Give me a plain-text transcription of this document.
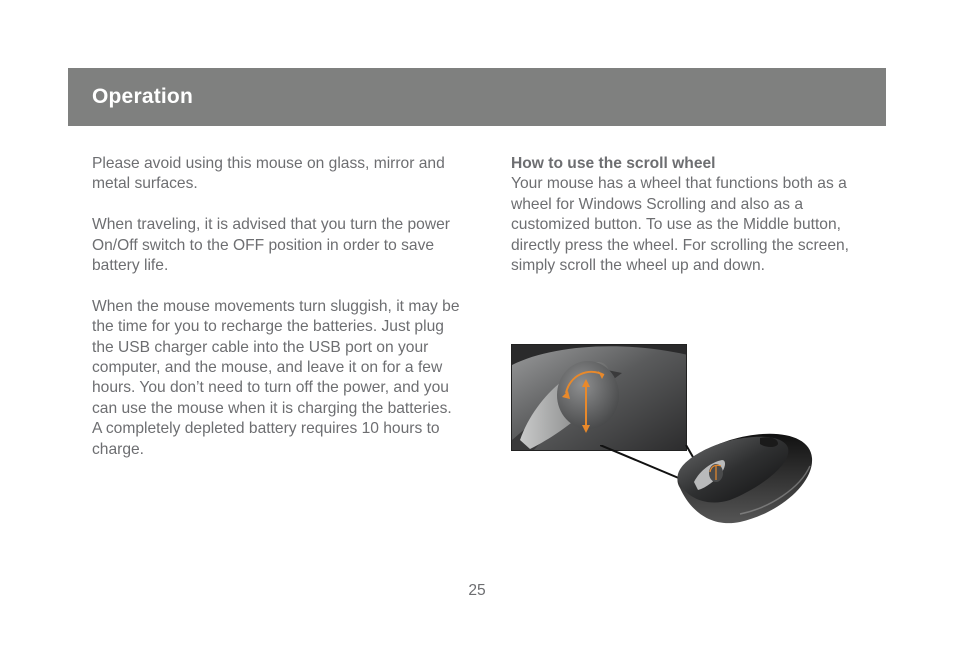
Operation

Please avoid using this mouse on glass, mirror and metal surfaces.

When traveling, it is advised that you turn the power On/Off switch to the OFF position in order to save battery life.

When the mouse movements turn sluggish, it may be the time for you to recharge the batteries. Just plug the USB charger cable into the USB port on your computer, and the mouse, and leave it on for a few hours. You don’t need to turn off the power, and you can use the mouse when it is charging the batteries. A completely depleted battery requires 10 hours to charge.

How to use the scroll wheel
Your mouse has a wheel that functions both as a wheel for Windows Scrolling and also as a customized button. To use as the Middle button, directly press the wheel. For scrolling the screen, simply scroll the wheel up and down.
25
